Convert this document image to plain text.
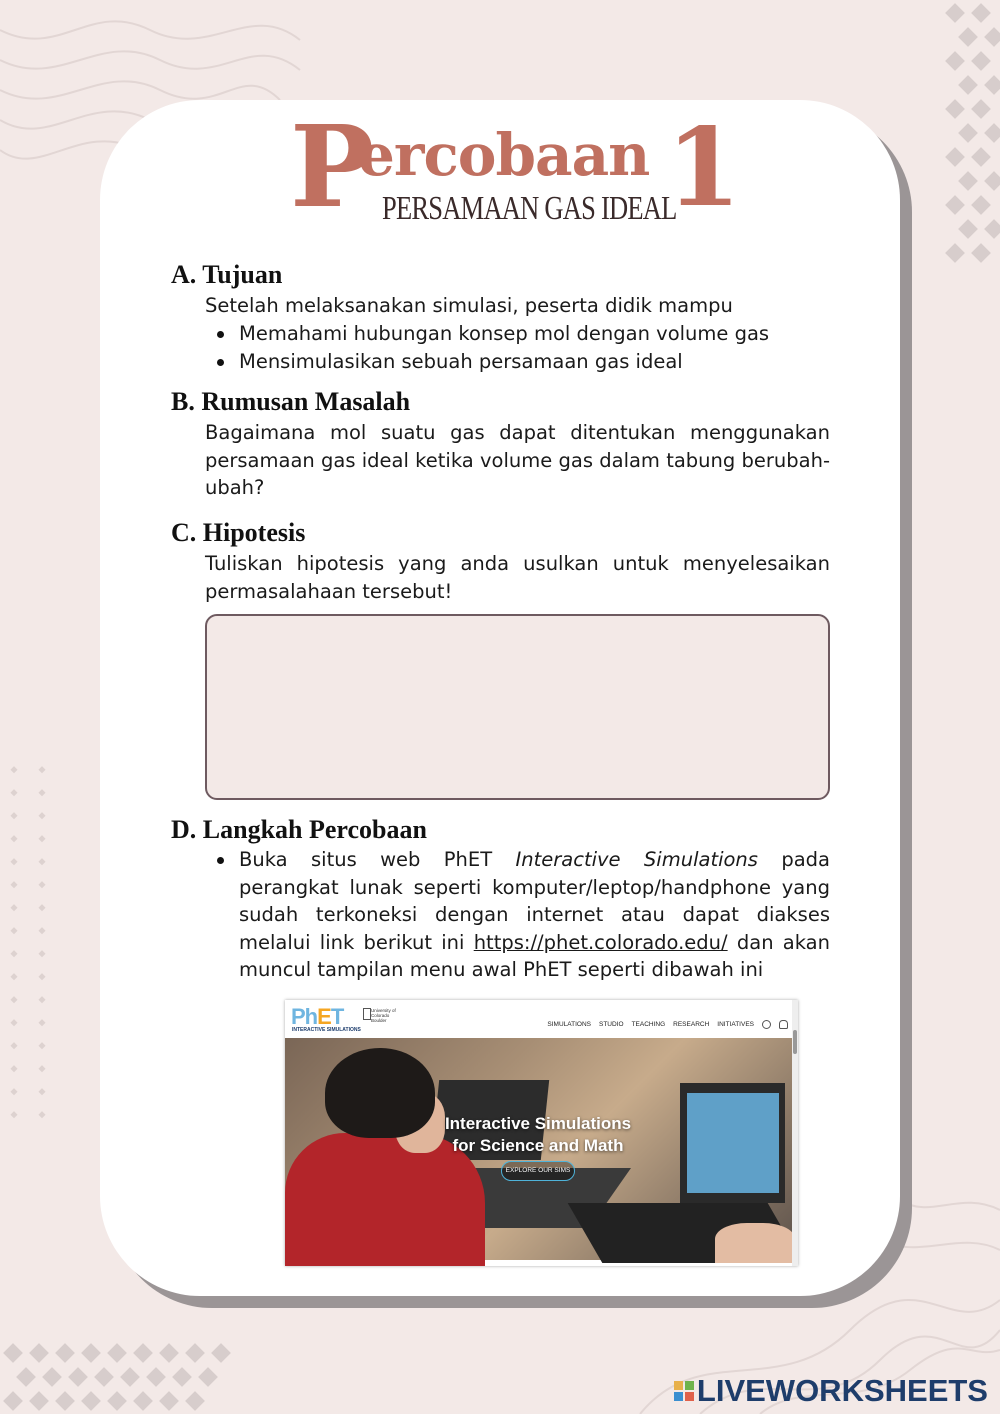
P
ercobaan 1
PERSAMAAN GAS IDEAL
A. Tujuan

Setelah melaksanakan simulasi, peserta didik mampu

Memahami hubungan konsep mol dengan volume gas
Mensimulasikan sebuah persamaan gas ideal
B. Rumusan Masalah

Bagaimana mol suatu gas dapat ditentukan menggunakan persamaan gas ideal ketika volume gas dalam tabung berubah-ubah?

C. Hipotesis

Tuliskan hipotesis yang anda usulkan untuk menyelesaikan permasalahaan tersebut!

D. Langkah Percobaan
Buka situs web PhET Interactive Simulations pada perangkat lunak seperti komputer/leptop/handphone yang sudah terkoneksi dengan internet atau dapat diakses melalui link berikut ini https://phet.colorado.edu/ dan akan muncul tampilan menu awal PhET seperti dibawah ini
PhET
INTERACTIVE SIMULATIONS
University of Colorado Boulder
SIMULATIONS STUDIO TEACHING RESEARCH INITIATIVES
Interactive Simulations
for Science and Math
EXPLORE OUR SIMS
LIVEWORKSHEETS
